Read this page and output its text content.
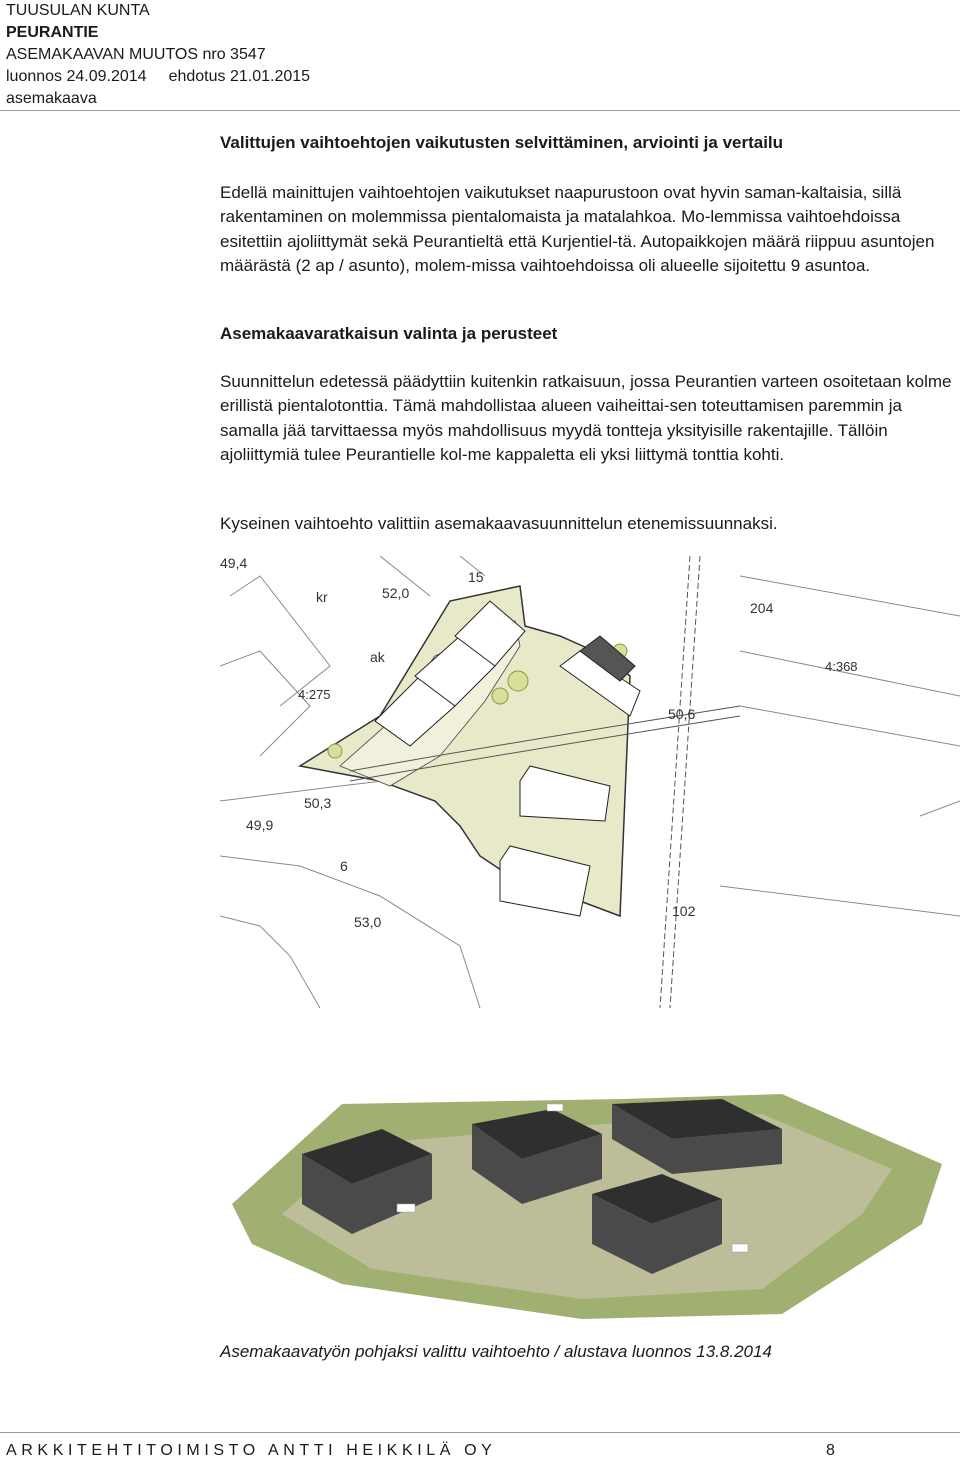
TUUSULAN KUNTA
PEURANTIE
ASEMAKAAVAN MUUTOS nro 3547
luonnos 24.09.2014 ehdotus 21.01.2015
asemakaava
Valittujen vaihtoehtojen vaikutusten selvittäminen, arviointi ja vertailu

Edellä mainittujen vaihtoehtojen vaikutukset naapurustoon ovat hyvin saman-kaltaisia, sillä rakentaminen on molemmissa pientalomaista ja matalahkoa. Mo-lemmissa vaihtoehdoissa esitettiin ajoliittymät sekä Peurantieltä että Kurjentiel-tä. Autopaikkojen määrä riippuu asuntojen määrästä (2 ap / asunto), molem-missa vaihtoehdoissa oli alueelle sijoitettu 9 asuntoa.

Asemakaavaratkaisun valinta ja perusteet

Suunnittelun edetessä päädyttiin kuitenkin ratkaisuun, jossa Peurantien varteen osoitetaan kolme erillistä pientalotonttia. Tämä mahdollistaa alueen vaiheittai-sen toteuttamisen paremmin ja samalla jää tarvittaessa myös mahdollisuus myydä tontteja yksityisille rakentajille. Tällöin ajoliittymiä tulee Peurantielle kol-me kappaletta eli yksi liittymä tonttia kohti.

Kyseinen vaihtoehto valittiin asemakaavasuunnittelun etenemissuunnaksi.

49,4
15
kr	52,0
204
ak
4:368
4:275
50,6
50,3
49,9
6
102
53,0
Asemakaavatyön pohjaksi valittu vaihtoehto / alustava luonnos 13.8.2014
ARKKITEHTITOIMISTO ANTTI HEIKKILÄ OY	8
